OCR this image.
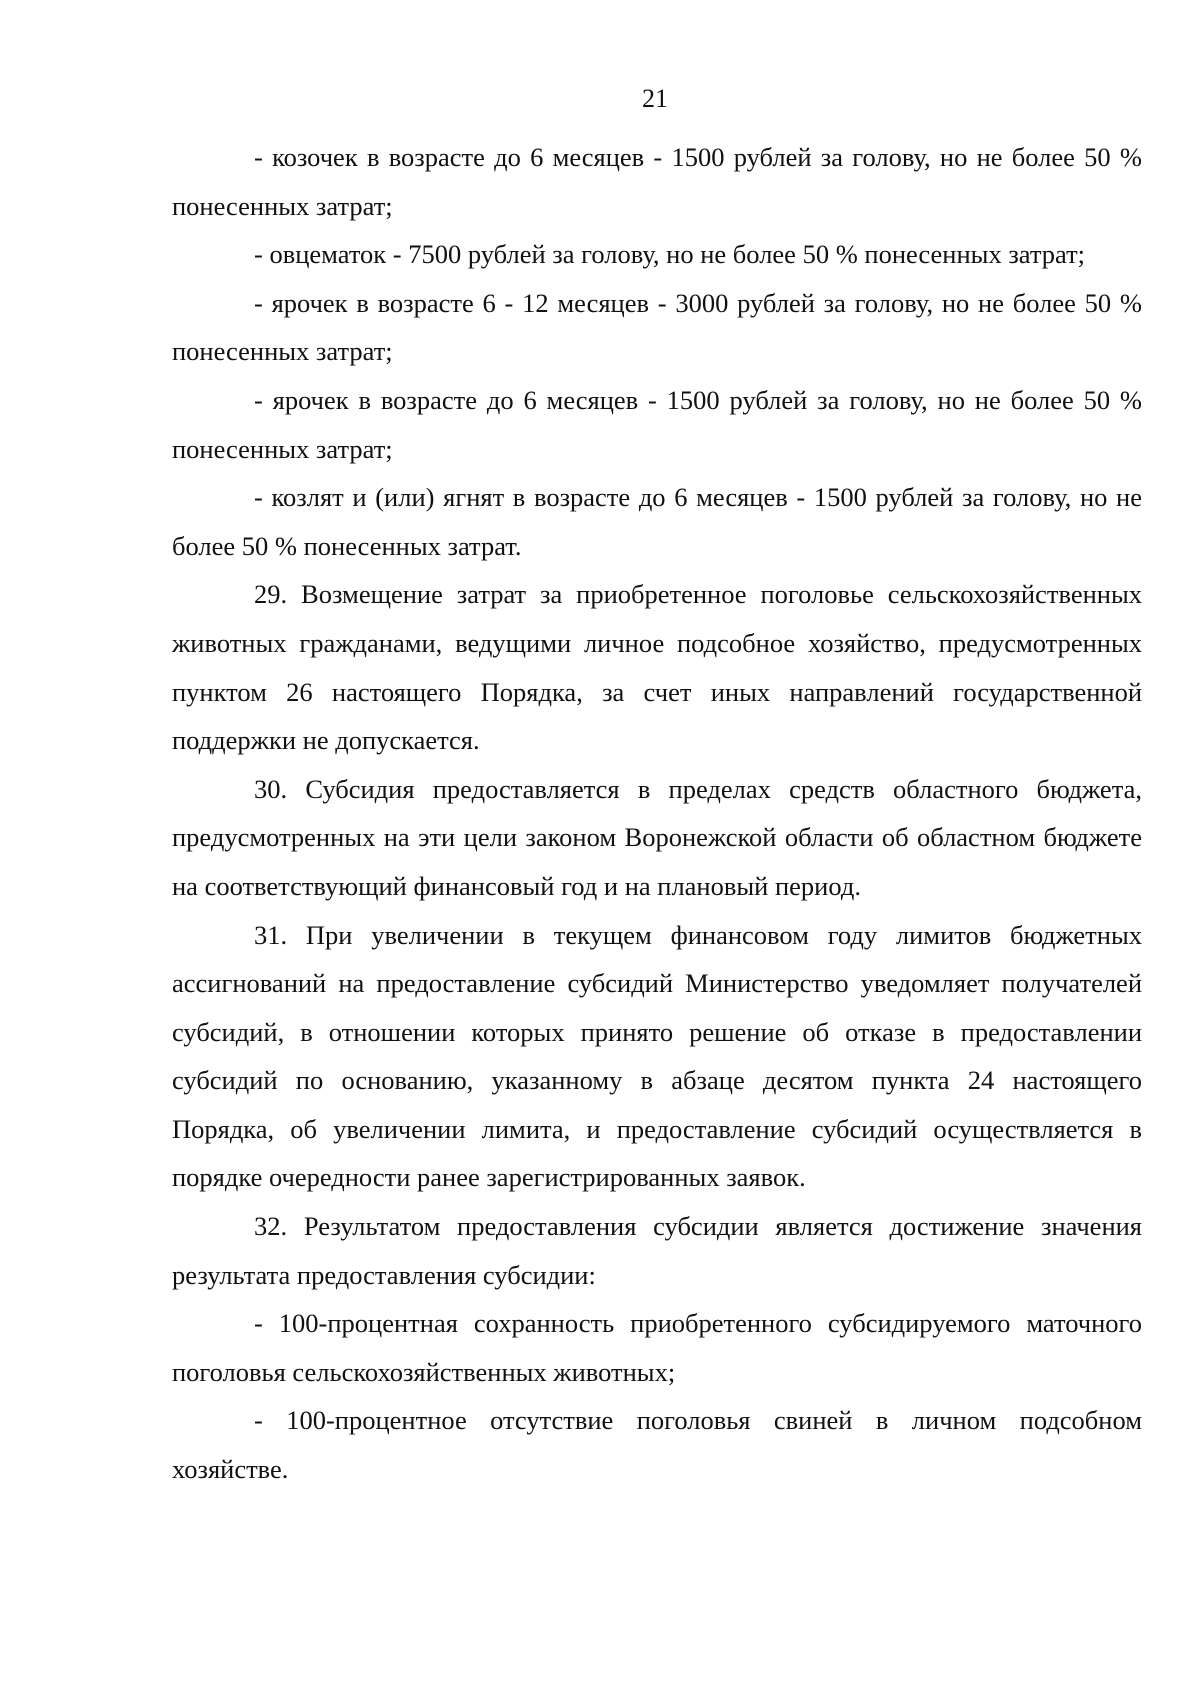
21

- козочек в возрасте до 6 месяцев - 1500 рублей за голову, но не более 50 % понесенных затрат;

- овцематок - 7500 рублей за голову, но не более 50 % понесенных затрат;

- ярочек в возрасте 6 - 12 месяцев - 3000 рублей за голову, но не более 50 % понесенных затрат;

- ярочек в возрасте до 6 месяцев - 1500 рублей за голову, но не более 50 % понесенных затрат;

- козлят и (или) ягнят в возрасте до 6 месяцев - 1500 рублей за голову, но не более 50 % понесенных затрат.

29. Возмещение затрат за приобретенное поголовье сельскохозяйственных животных гражданами, ведущими личное подсобное хозяйство, предусмотренных пунктом 26 настоящего Порядка, за счет иных направлений государственной поддержки не допускается.

30. Субсидия предоставляется в пределах средств областного бюджета, предусмотренных на эти цели законом Воронежской области об областном бюджете на соответствующий финансовый год и на плановый период.

31. При увеличении в текущем финансовом году лимитов бюджетных ассигнований на предоставление субсидий Министерство уведомляет получателей субсидий, в отношении которых принято решение об отказе в предоставлении субсидий по основанию, указанному в абзаце десятом пункта 24 настоящего Порядка, об увеличении лимита, и предоставление субсидий осуществляется в порядке очередности ранее зарегистрированных заявок.

32. Результатом предоставления субсидии является достижение значения результата предоставления субсидии:

- 100-процентная сохранность приобретенного субсидируемого маточного поголовья сельскохозяйственных животных;

- 100-процентное отсутствие поголовья свиней в личном подсобном хозяйстве.
